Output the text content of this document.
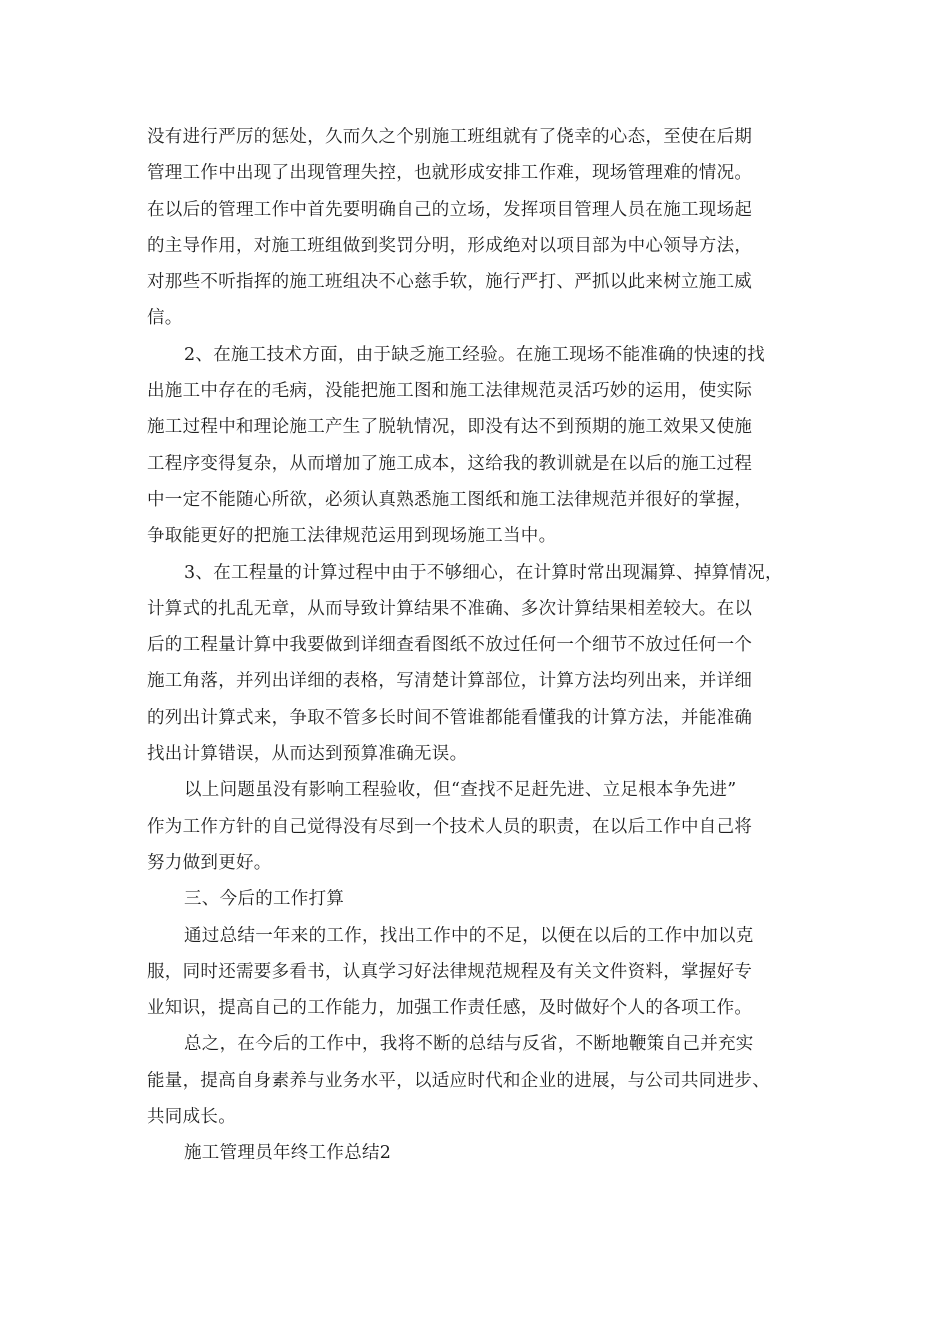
没有进行严厉的惩处，久而久之个别施工班组就有了侥幸的心态，至使在后期
管理工作中出现了出现管理失控，也就形成安排工作难，现场管理难的情况。
在以后的管理工作中首先要明确自己的立场，发挥项目管理人员在施工现场起
的主导作用，对施工班组做到奖罚分明，形成绝对以项目部为中心领导方法，
对那些不听指挥的施工班组决不心慈手软，施行严打、严抓以此来树立施工威
信。
2、在施工技术方面，由于缺乏施工经验。在施工现场不能准确的快速的找
出施工中存在的毛病，没能把施工图和施工法律规范灵活巧妙的运用，使实际
施工过程中和理论施工产生了脱轨情况，即没有达不到预期的施工效果又使施
工程序变得复杂，从而增加了施工成本，这给我的教训就是在以后的施工过程
中一定不能随心所欲，必须认真熟悉施工图纸和施工法律规范并很好的掌握，
争取能更好的把施工法律规范运用到现场施工当中。
3、在工程量的计算过程中由于不够细心，在计算时常出现漏算、掉算情况，
计算式的扎乱无章，从而导致计算结果不准确、多次计算结果相差较大。在以
后的工程量计算中我要做到详细查看图纸不放过任何一个细节不放过任何一个
施工角落，并列出详细的表格，写清楚计算部位，计算方法均列出来，并详细
的列出计算式来，争取不管多长时间不管谁都能看懂我的计算方法，并能准确
找出计算错误，从而达到预算准确无误。
以上问题虽没有影响工程验收，但“查找不足赶先进、立足根本争先进”
作为工作方针的自己觉得没有尽到一个技术人员的职责，在以后工作中自己将
努力做到更好。
三、今后的工作打算
通过总结一年来的工作，找出工作中的不足，以便在以后的工作中加以克
服，同时还需要多看书，认真学习好法律规范规程及有关文件资料，掌握好专
业知识，提高自己的工作能力，加强工作责任感，及时做好个人的各项工作。
总之，在今后的工作中，我将不断的总结与反省，不断地鞭策自己并充实
能量，提高自身素养与业务水平，以适应时代和企业的进展，与公司共同进步、
共同成长。
施工管理员年终工作总结2
